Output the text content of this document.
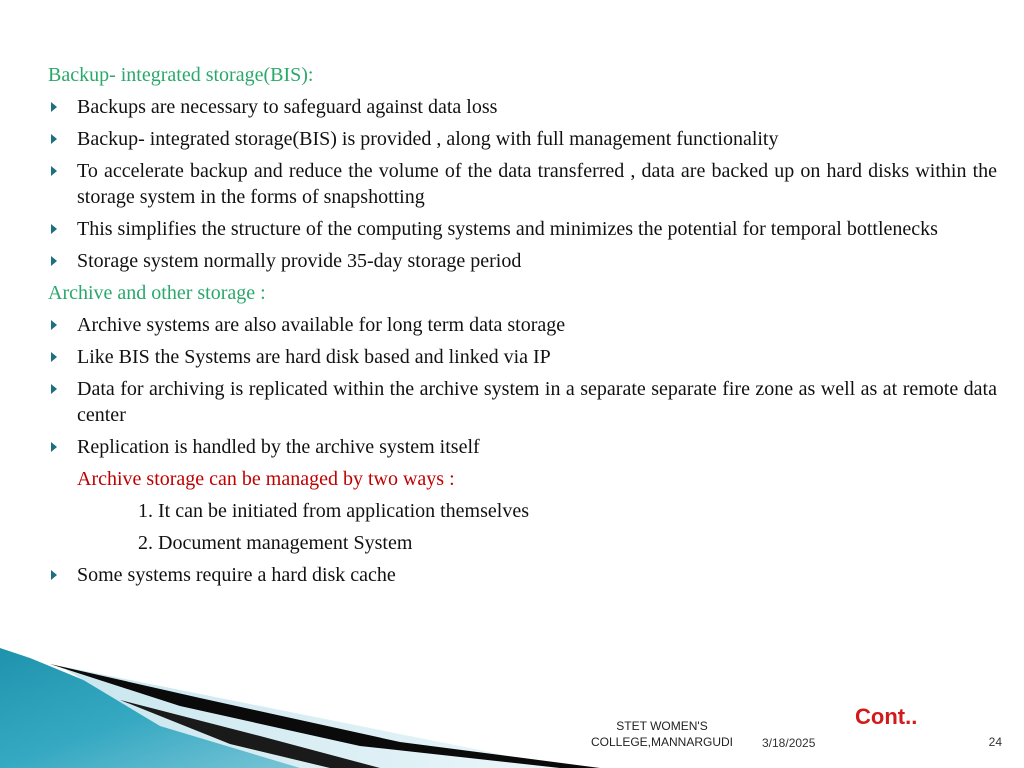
Backup- integrated storage(BIS):
Backups are necessary to safeguard against data loss
Backup- integrated storage(BIS) is provided , along with full management functionality
To accelerate backup and reduce the volume of the data transferred , data are backed up on hard disks within the storage system in the forms of snapshotting
This simplifies the structure of the computing systems and minimizes the potential for temporal bottlenecks
Storage system normally provide 35-day storage period
Archive and other storage :
Archive systems are also available for long term data storage
Like BIS the Systems are hard disk based and linked via IP
Data for archiving is replicated within the archive system in a separate separate fire zone as well as at remote data center
Replication is handled by the archive system itself
Archive storage can be managed by two ways :
1. It can be initiated from application themselves
2. Document management System
Some systems require a hard disk cache
STET WOMEN'S
COLLEGE,MANNARGUDI	3/18/2025	24
Cont..
